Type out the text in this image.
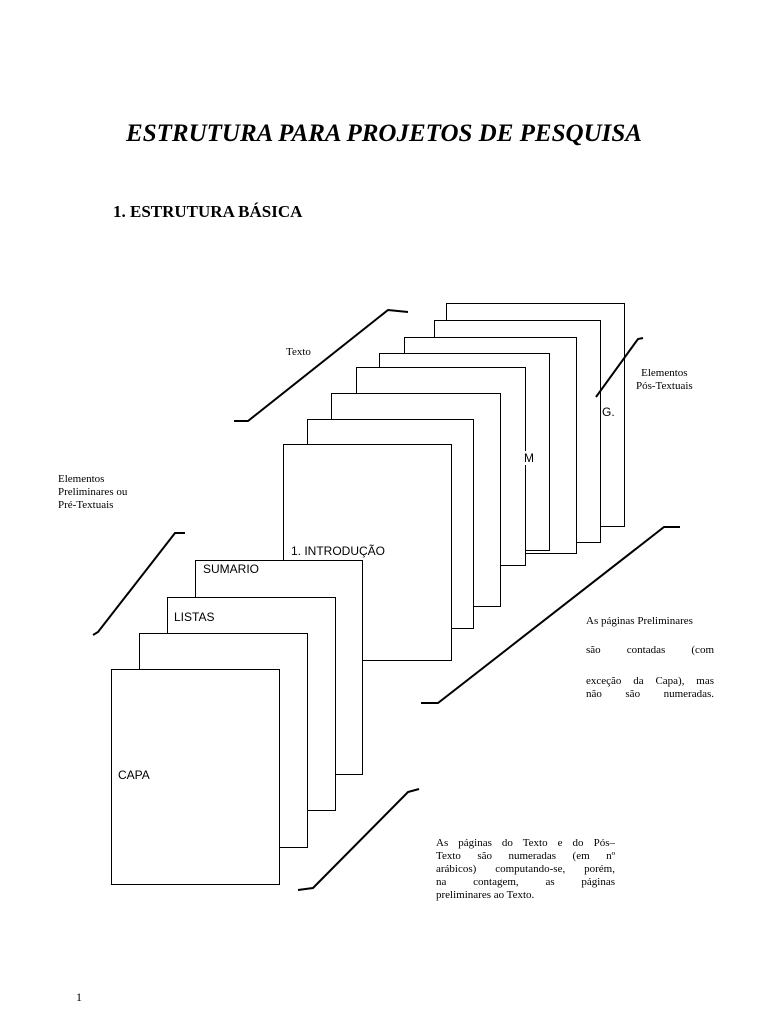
ESTRUTURA PARA PROJETOS DE PESQUISA
1. ESTRUTURA BÁSICA
G.
M
1. INTRODUÇÃO
SUMARIO
LISTAS
CAPA
Texto
Elementos
Pós-Textuais
Elementos
Preliminares ou
Pré-Textuais
As páginas Preliminares
são contadas (com
exceção da Capa), mas
não são numeradas.
As páginas do Texto e do Pós–
Texto são numeradas (em nº
arábicos) computando-se, porém,
na contagem, as páginas
preliminares ao Texto.
1
